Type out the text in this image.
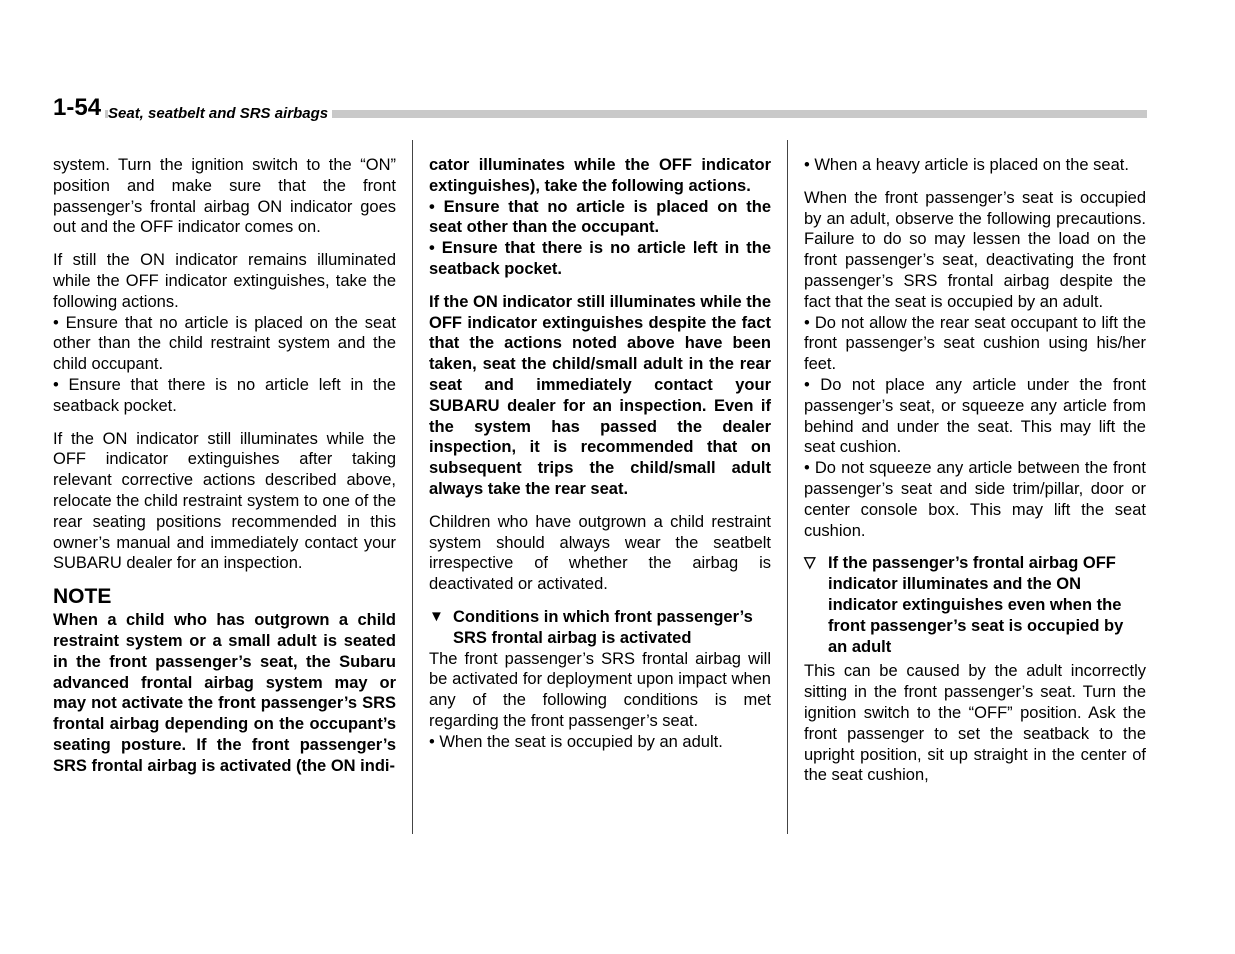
1-54 Seat, seatbelt and SRS airbags

system. Turn the ignition switch to the “ON” position and make sure that the front passenger’s frontal airbag ON indicator goes out and the OFF indicator comes on.

If still the ON indicator remains illuminated while the OFF indicator extinguishes, take the following actions.

• Ensure that no article is placed on the seat other than the child restraint system and the child occupant.

• Ensure that there is no article left in the seatback pocket.

If the ON indicator still illuminates while the OFF indicator extinguishes after taking relevant corrective actions described above, relocate the child restraint system to one of the rear seating positions recommended in this owner’s manual and immediately contact your SUBARU dealer for an inspection.

NOTE

When a child who has outgrown a child restraint system or a small adult is seated in the front passenger’s seat, the Subaru advanced frontal airbag system may or may not activate the front passenger’s SRS frontal airbag depending on the occupant’s seating posture. If the front passenger’s SRS frontal airbag is activated (the ON indi-

cator illuminates while the OFF indicator extinguishes), take the following actions.

• Ensure that no article is placed on the seat other than the occupant.

• Ensure that there is no article left in the seatback pocket.

If the ON indicator still illuminates while the OFF indicator extinguishes despite the fact that the actions noted above have been taken, seat the child/small adult in the rear seat and immediately contact your SUBARU dealer for an inspection. Even if the system has passed the dealer inspection, it is recommended that on subsequent trips the child/small adult always take the rear seat.

Children who have outgrown a child restraint system should always wear the seatbelt irrespective of whether the airbag is deactivated or activated.

▼ Conditions in which front passenger’s SRS frontal airbag is activated

The front passenger’s SRS frontal airbag will be activated for deployment upon impact when any of the following conditions is met regarding the front passenger’s seat.

• When the seat is occupied by an adult.

• When a heavy article is placed on the seat.

When the front passenger’s seat is occupied by an adult, observe the following precautions. Failure to do so may lessen the load on the front passenger’s seat, deactivating the front passenger’s SRS frontal airbag despite the fact that the seat is occupied by an adult.

• Do not allow the rear seat occupant to lift the front passenger’s seat cushion using his/her feet.

• Do not place any article under the front passenger’s seat, or squeeze any article from behind and under the seat. This may lift the seat cushion.

• Do not squeeze any article between the front passenger’s seat and side trim/pillar, door or center console box. This may lift the seat cushion.

▽ If the passenger’s frontal airbag OFF indicator illuminates and the ON indicator extinguishes even when the front passenger’s seat is occupied by an adult

This can be caused by the adult incorrectly sitting in the front passenger’s seat. Turn the ignition switch to the “OFF” position. Ask the front passenger to set the seatback to the upright position, sit up straight in the center of the seat cushion,
